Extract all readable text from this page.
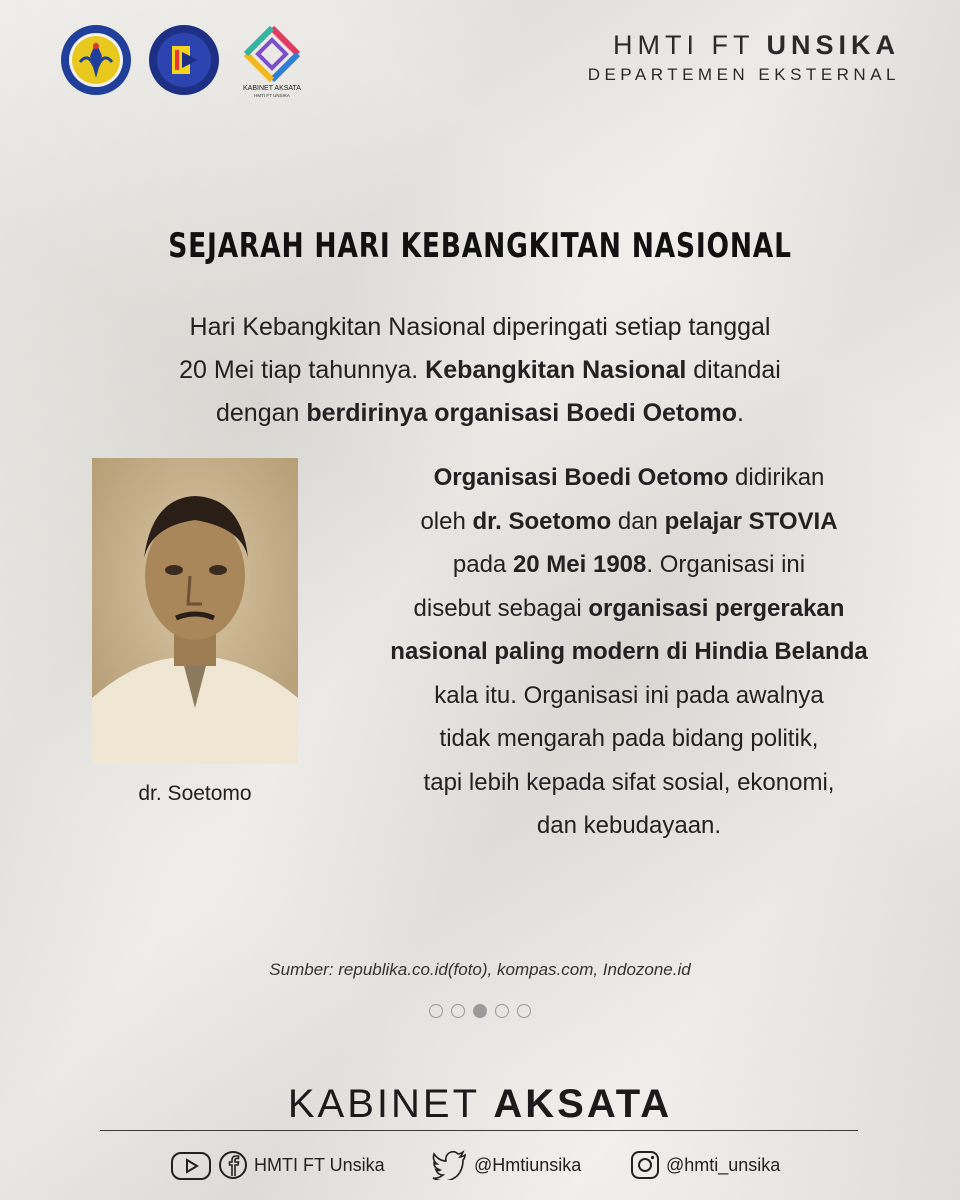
KABINET AKSATA
HMTI FT UNSIKA
HMTI FT UNSIKA
DEPARTEMEN EKSTERNAL
SEJARAH HARI KEBANGKITAN NASIONAL
Hari Kebangkitan Nasional diperingati setiap tanggal
20 Mei tiap tahunnya. Kebangkitan Nasional ditandai
dengan berdirinya organisasi Boedi Oetomo.
dr. Soetomo
Organisasi Boedi Oetomo didirikan
oleh dr. Soetomo dan pelajar STOVIA
pada 20 Mei 1908. Organisasi ini
disebut sebagai organisasi pergerakan
nasional paling modern di Hindia Belanda
kala itu. Organisasi ini pada awalnya
tidak mengarah pada bidang politik,
tapi lebih kepada sifat sosial, ekonomi,
dan kebudayaan.
Sumber: republika.co.id(foto), kompas.com, Indozone.id
KABINET AKSATA
HMTI FT Unsika	@Hmtiunsika	@hmti_unsika
